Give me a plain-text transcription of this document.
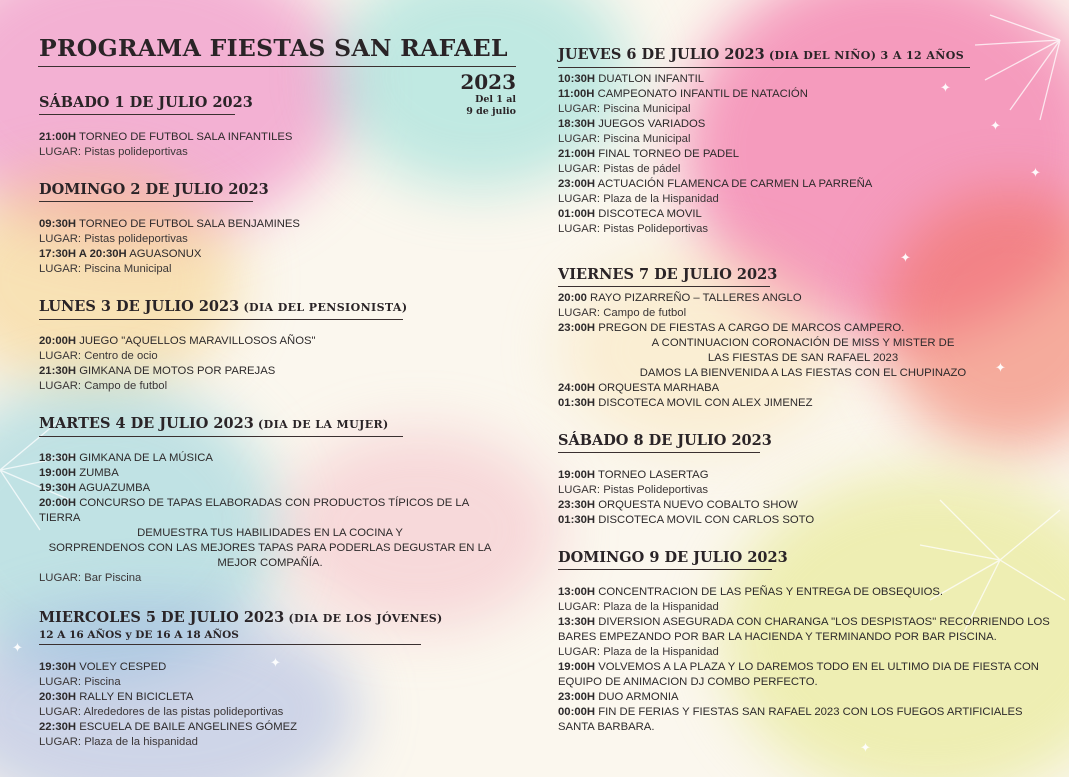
✦
✦
✦
✦
✦
✦
✦
✦
PROGRAMA FIESTAS SAN RAFAEL
2023
Del 1 al
9 de julio
SÁBADO 1 DE JULIO 2023
DOMINGO 2 DE JULIO 2023
LUNES 3 DE JULIO 2023 (DIA DEL PENSIONISTA)
MARTES 4 DE JULIO 2023 (DIA DE LA MUJER)
MIERCOLES 5 DE JULIO 2023 (DIA DE LOS JÓVENES)
12 A 16 AÑOS y DE 16 A 18 AÑOS
JUEVES 6 DE JULIO 2023 (DIA DEL NIÑO) 3 A 12 AÑOS
VIERNES 7 DE JULIO 2023
SÁBADO 8 DE JULIO 2023
DOMINGO 9 DE JULIO 2023
21:00H TORNEO DE FUTBOL SALA INFANTILES
LUGAR: Pistas polideportivas
09:30H TORNEO DE FUTBOL SALA BENJAMINES
LUGAR: Pistas polideportivas
17:30H A 20:30H AGUASONUX
LUGAR: Piscina Municipal
20:00H JUEGO "AQUELLOS MARAVILLOSOS AÑOS"
LUGAR: Centro de ocio
21:30H GIMKANA DE MOTOS POR PAREJAS
LUGAR: Campo de futbol
18:30H GIMKANA DE LA MÚSICA
19:00H ZUMBA
19:30H AGUAZUMBA
20:00H CONCURSO DE TAPAS ELABORADAS CON PRODUCTOS TÍPICOS DE LA TIERRA
DEMUESTRA TUS HABILIDADES EN LA COCINA Y
SORPRENDENOS CON LAS MEJORES TAPAS PARA PODERLAS DEGUSTAR EN LA MEJOR COMPAÑÍA.
LUGAR: Bar Piscina
19:30H VOLEY CESPED
LUGAR: Piscina
20:30H RALLY EN BICICLETA
LUGAR: Alrededores de las pistas polideportivas
22:30H ESCUELA DE BAILE ANGELINES GÓMEZ
LUGAR: Plaza de la hispanidad
10:30H DUATLON INFANTIL
11:00H CAMPEONATO INFANTIL DE NATACIÓN
LUGAR: Piscina Municipal
18:30H JUEGOS VARIADOS
LUGAR: Piscina Municipal
21:00H FINAL TORNEO DE PADEL
LUGAR: Pistas de pádel
23:00H ACTUACIÓN FLAMENCA DE CARMEN LA PARREÑA
LUGAR: Plaza de la Hispanidad
01:00H DISCOTECA MOVIL
LUGAR: Pistas Polideportivas
20:00 RAYO PIZARREÑO – TALLERES ANGLO
LUGAR: Campo de futbol
23:00H PREGON DE FIESTAS A CARGO DE MARCOS CAMPERO.
A CONTINUACION CORONACIÓN DE MISS Y MISTER DE
LAS FIESTAS DE SAN RAFAEL 2023
DAMOS LA BIENVENIDA A LAS FIESTAS CON EL CHUPINAZO
24:00H ORQUESTA MARHABA
01:30H DISCOTECA MOVIL CON ALEX JIMENEZ
19:00H TORNEO LASERTAG
LUGAR: Pistas Polideportivas
23:30H ORQUESTA NUEVO COBALTO SHOW
01:30H DISCOTECA MOVIL CON CARLOS SOTO
13:00H CONCENTRACION DE LAS PEÑAS Y ENTREGA DE OBSEQUIOS.
LUGAR: Plaza de la Hispanidad
13:30H DIVERSION ASEGURADA CON CHARANGA "LOS DESPISTAOS" RECORRIENDO LOS BARES EMPEZANDO POR BAR LA HACIENDA Y TERMINANDO POR BAR PISCINA.
LUGAR: Plaza de la Hispanidad
19:00H VOLVEMOS A LA PLAZA Y LO DAREMOS TODO EN EL ULTIMO DIA DE FIESTA CON EQUIPO DE ANIMACION DJ COMBO PERFECTO.
23:00H DUO ARMONIA
00:00H FIN DE FERIAS Y FIESTAS SAN RAFAEL 2023 CON LOS FUEGOS ARTIFICIALES SANTA BARBARA.
